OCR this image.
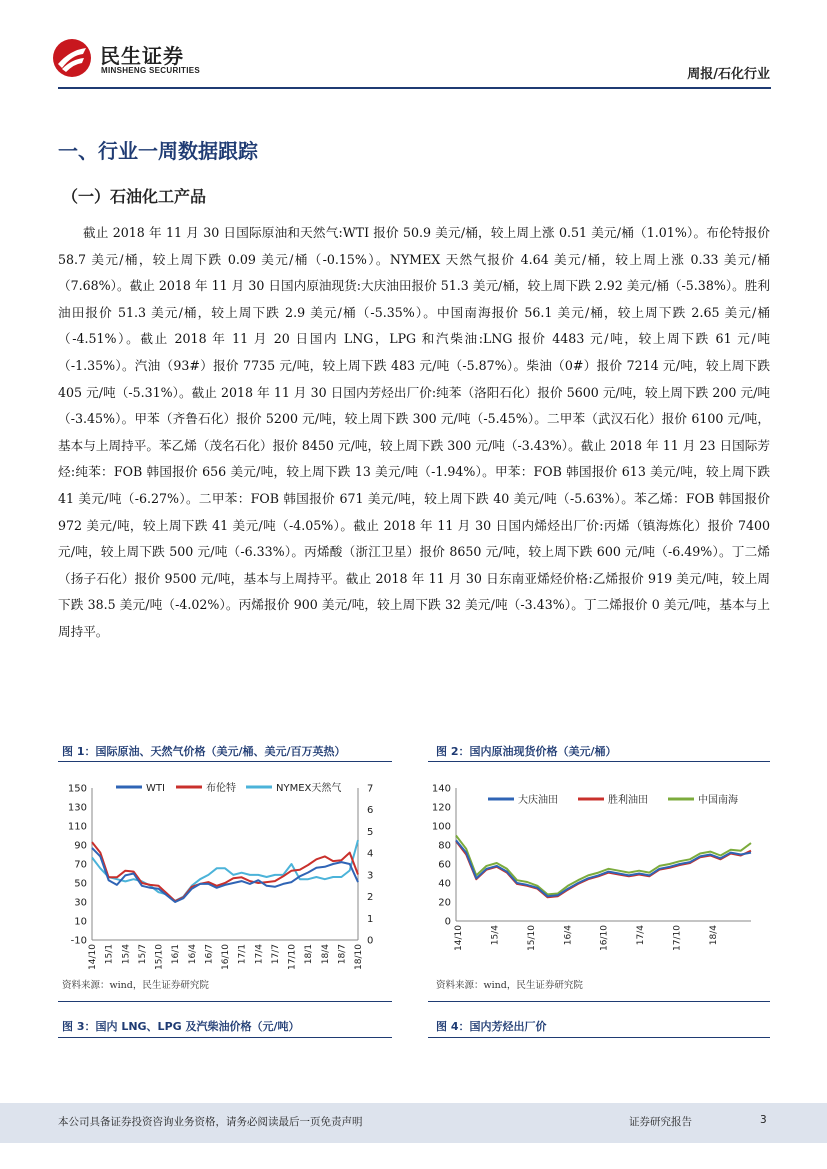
民生证券
MINSHENG SECURITIES	周报/石化行业
一、行业一周数据跟踪
（一）石油化工产品

截止 2018 年 11 月 30 日国际原油和天然气:WTI 报价 50.9 美元/桶，较上周上涨 0.51 美元/桶（1.01%）。布伦特报价 58.7 美元/桶，较上周下跌 0.09 美元/桶（-0.15%）。NYMEX 天然气报价 4.64 美元/桶，较上周上涨 0.33 美元/桶（7.68%）。截止 2018 年 11 月 30 日国内原油现货:大庆油田报价 51.3 美元/桶，较上周下跌 2.92 美元/桶（-5.38%）。胜利油田报价 51.3 美元/桶，较上周下跌 2.9 美元/桶（-5.35%）。中国南海报价 56.1 美元/桶，较上周下跌 2.65 美元/桶（-4.51%）。截止 2018 年 11 月 20 日国内 LNG，LPG 和汽柴油:LNG 报价 4483 元/吨，较上周下跌 61 元/吨（-1.35%）。汽油（93#）报价 7735 元/吨，较上周下跌 483 元/吨（-5.87%）。柴油（0#）报价 7214 元/吨，较上周下跌 405 元/吨（-5.31%）。截止 2018 年 11 月 30 日国内芳烃出厂价:纯苯（洛阳石化）报价 5600 元/吨，较上周下跌 200 元/吨（-3.45%）。甲苯（齐鲁石化）报价 5200 元/吨，较上周下跌 300 元/吨（-5.45%）。二甲苯（武汉石化）报价 6100 元/吨，基本与上周持平。苯乙烯（茂名石化）报价 8450 元/吨，较上周下跌 300 元/吨（-3.43%）。截止 2018 年 11 月 23 日国际芳烃:纯苯：FOB 韩国报价 656 美元/吨，较上周下跌 13 美元/吨（-1.94%）。甲苯：FOB 韩国报价 613 美元/吨，较上周下跌 41 美元/吨（-6.27%）。二甲苯：FOB 韩国报价 671 美元/吨，较上周下跌 40 美元/吨（-5.63%）。苯乙烯：FOB 韩国报价 972 美元/吨，较上周下跌 41 美元/吨（-4.05%）。截止 2018 年 11 月 30 日国内烯烃出厂价:丙烯（镇海炼化）报价 7400 元/吨，较上周下跌 500 元/吨（-6.33%）。丙烯酸（浙江卫星）报价 8650 元/吨，较上周下跌 600 元/吨（-6.49%）。丁二烯（扬子石化）报价 9500 元/吨，基本与上周持平。截止 2018 年 11 月 30 日东南亚烯烃价格:乙烯报价 919 美元/吨，较上周下跌 38.5 美元/吨（-4.02%）。丙烯报价 900 美元/吨，较上周下跌 32 美元/吨（-3.43%）。丁二烯报价 0 美元/吨，基本与上周持平。

图 1：国际原油、天然气价格（美元/桶、美元/百万英热）
-10
10
30
50
70
90
110
130
150
0
1
2
3
4
5
6
7
14/10 15/1 15/4 15/7 15/10 16/1 16/4 16/7 16/10 17/1 17/4 17/7 17/10 18/1 18/4 18/7 18/10
WTI	布伦特	NYMEX天然气
资料来源：wind，民生证券研究院
图 2：国内原油现货价格（美元/桶）
0
20
40
60
80
100
120
140
14/10	15/4	15/10	16/4	16/10	17/4	17/10	18/4
大庆油田	胜利油田	中国南海
资料来源：wind，民生证券研究院
图 3：国内 LNG、LPG 及汽柴油价格（元/吨）	图 4：国内芳烃出厂价
本公司具备证券投资咨询业务资格，请务必阅读最后一页免责声明	证券研究报告	3
